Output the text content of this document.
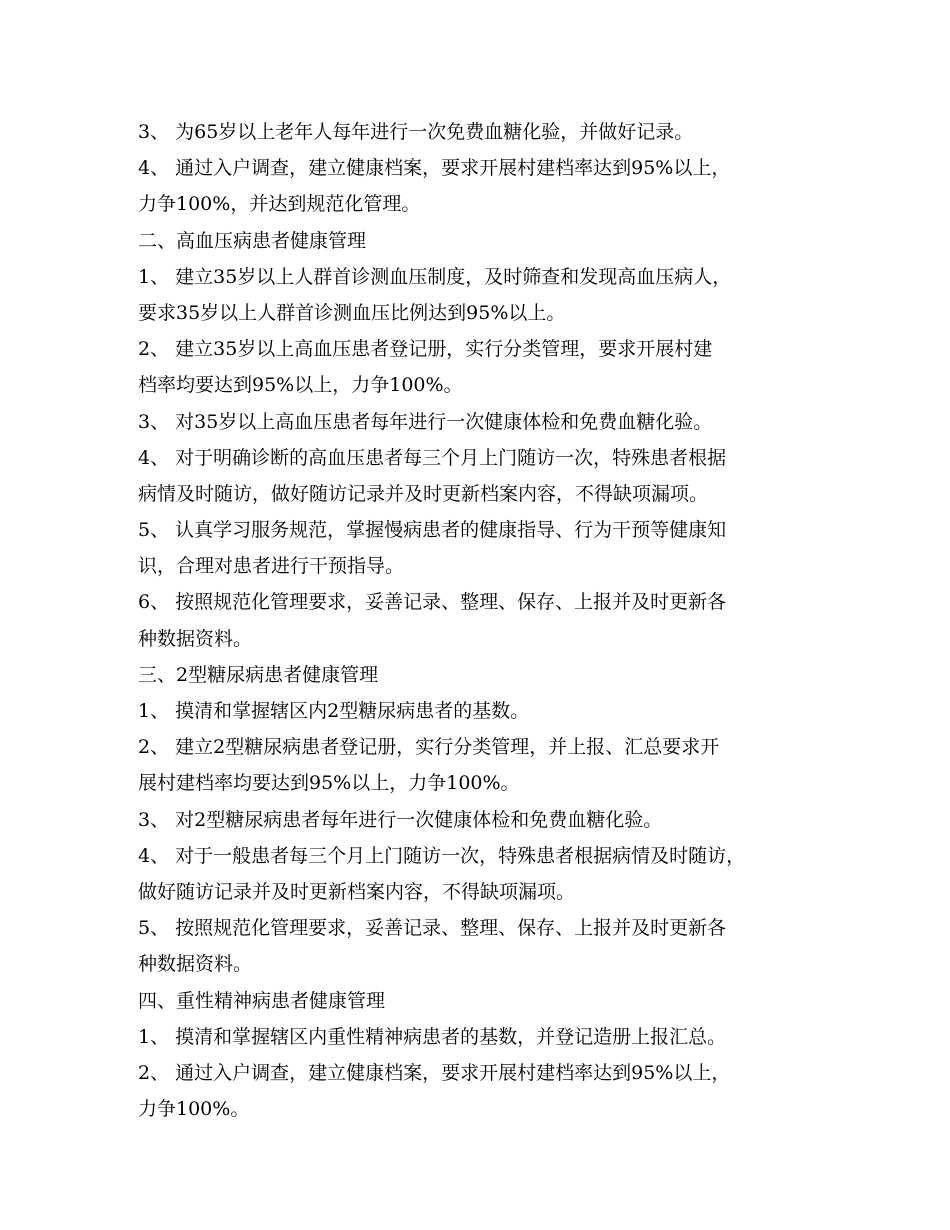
3、 为65岁以上老年人每年进行一次免费血糖化验，并做好记录。
4、 通过入户调查，建立健康档案，要求开展村建档率达到95%以上，
力争100%，并达到规范化管理。
二、高血压病患者健康管理
1、 建立35岁以上人群首诊测血压制度，及时筛查和发现高血压病人，
要求35岁以上人群首诊测血压比例达到95%以上。
2、 建立35岁以上高血压患者登记册，实行分类管理，要求开展村建
档率均要达到95%以上，力争100%。
3、 对35岁以上高血压患者每年进行一次健康体检和免费血糖化验。
4、 对于明确诊断的高血压患者每三个月上门随访一次，特殊患者根据
病情及时随访，做好随访记录并及时更新档案内容，不得缺项漏项。
5、 认真学习服务规范，掌握慢病患者的健康指导、行为干预等健康知
识，合理对患者进行干预指导。
6、 按照规范化管理要求，妥善记录、整理、保存、上报并及时更新各
种数据资料。
三、2型糖尿病患者健康管理
1、 摸清和掌握辖区内2型糖尿病患者的基数。
2、 建立2型糖尿病患者登记册，实行分类管理，并上报、汇总要求开
展村建档率均要达到95%以上，力争100%。
3、 对2型糖尿病患者每年进行一次健康体检和免费血糖化验。
4、 对于一般患者每三个月上门随访一次，特殊患者根据病情及时随访，
做好随访记录并及时更新档案内容，不得缺项漏项。
5、 按照规范化管理要求，妥善记录、整理、保存、上报并及时更新各
种数据资料。
四、重性精神病患者健康管理
1、 摸清和掌握辖区内重性精神病患者的基数，并登记造册上报汇总。
2、 通过入户调查，建立健康档案，要求开展村建档率达到95%以上，
力争100%。
